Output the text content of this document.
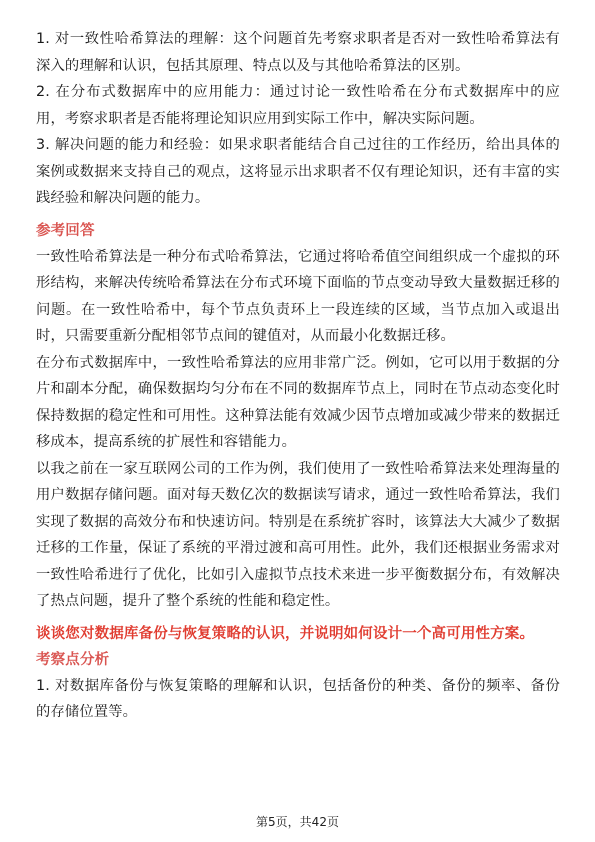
1. 对一致性哈希算法的理解：这个问题首先考察求职者是否对一致性哈希算法有深入的理解和认识，包括其原理、特点以及与其他哈希算法的区别。

2. 在分布式数据库中的应用能力：通过讨论一致性哈希在分布式数据库中的应用，考察求职者是否能将理论知识应用到实际工作中，解决实际问题。

3. 解决问题的能力和经验：如果求职者能结合自己过往的工作经历，给出具体的案例或数据来支持自己的观点，这将显示出求职者不仅有理论知识，还有丰富的实践经验和解决问题的能力。

参考回答

一致性哈希算法是一种分布式哈希算法，它通过将哈希值空间组织成一个虚拟的环形结构，来解决传统哈希算法在分布式环境下面临的节点变动导致大量数据迁移的问题。在一致性哈希中，每个节点负责环上一段连续的区域，当节点加入或退出时，只需要重新分配相邻节点间的键值对，从而最小化数据迁移。

在分布式数据库中，一致性哈希算法的应用非常广泛。例如，它可以用于数据的分片和副本分配，确保数据均匀分布在不同的数据库节点上，同时在节点动态变化时保持数据的稳定性和可用性。这种算法能有效减少因节点增加或减少带来的数据迁移成本，提高系统的扩展性和容错能力。

以我之前在一家互联网公司的工作为例，我们使用了一致性哈希算法来处理海量的用户数据存储问题。面对每天数亿次的数据读写请求，通过一致性哈希算法，我们实现了数据的高效分布和快速访问。特别是在系统扩容时，该算法大大减少了数据迁移的工作量，保证了系统的平滑过渡和高可用性。此外，我们还根据业务需求对一致性哈希进行了优化，比如引入虚拟节点技术来进一步平衡数据分布，有效解决了热点问题，提升了整个系统的性能和稳定性。

谈谈您对数据库备份与恢复策略的认识，并说明如何设计一个高可用性方案。

考察点分析

1. 对数据库备份与恢复策略的理解和认识，包括备份的种类、备份的频率、备份的存储位置等。

第5页，共42页
